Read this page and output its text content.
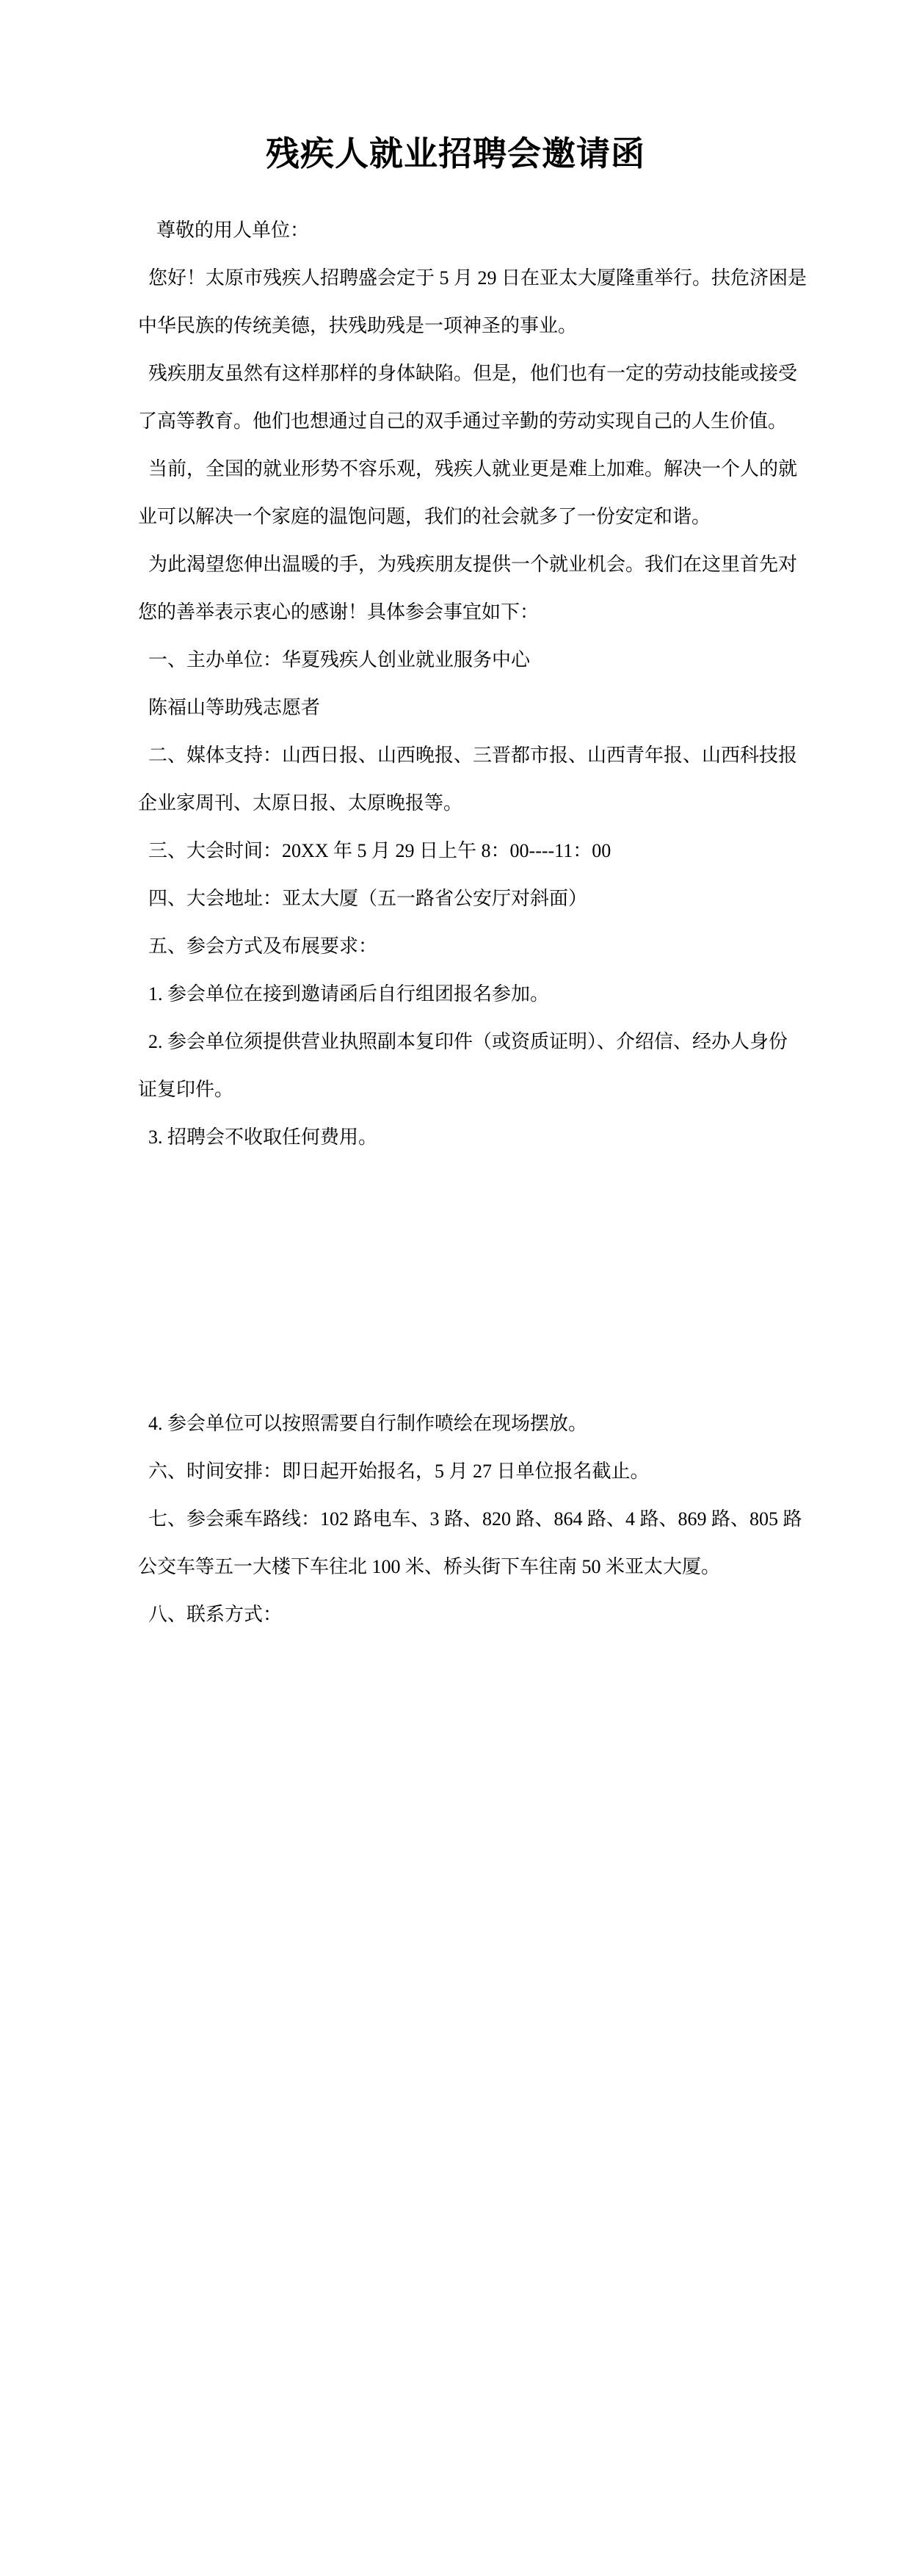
残疾人就业招聘会邀请函
尊敬的用人单位：
您好！太原市残疾人招聘盛会定于 5 月 29 日在亚太大厦隆重举行。扶危济困是
中华民族的传统美德，扶残助残是一项神圣的事业。
残疾朋友虽然有这样那样的身体缺陷。但是，他们也有一定的劳动技能或接受
了高等教育。他们也想通过自己的双手通过辛勤的劳动实现自己的人生价值。
当前，全国的就业形势不容乐观，残疾人就业更是难上加难。解决一个人的就
业可以解决一个家庭的温饱问题，我们的社会就多了一份安定和谐。
为此渴望您伸出温暖的手，为残疾朋友提供一个就业机会。我们在这里首先对
您的善举表示衷心的感谢！具体参会事宜如下：
一、主办单位：华夏残疾人创业就业服务中心
陈福山等助残志愿者
二、媒体支持：山西日报、山西晚报、三晋都市报、山西青年报、山西科技报
企业家周刊、太原日报、太原晚报等。
三、大会时间：20XX 年 5 月 29 日上午 8：00----11：00
四、大会地址：亚太大厦（五一路省公安厅对斜面）
五、参会方式及布展要求：
1. 参会单位在接到邀请函后自行组团报名参加。
2. 参会单位须提供营业执照副本复印件（或资质证明）、介绍信、经办人身份
证复印件。
3. 招聘会不收取任何费用。
4. 参会单位可以按照需要自行制作喷绘在现场摆放。
六、时间安排：即日起开始报名，5 月 27 日单位报名截止。
七、参会乘车路线：102 路电车、3 路、820 路、864 路、4 路、869 路、805 路
公交车等五一大楼下车往北 100 米、桥头街下车往南 50 米亚太大厦。
八、联系方式：
